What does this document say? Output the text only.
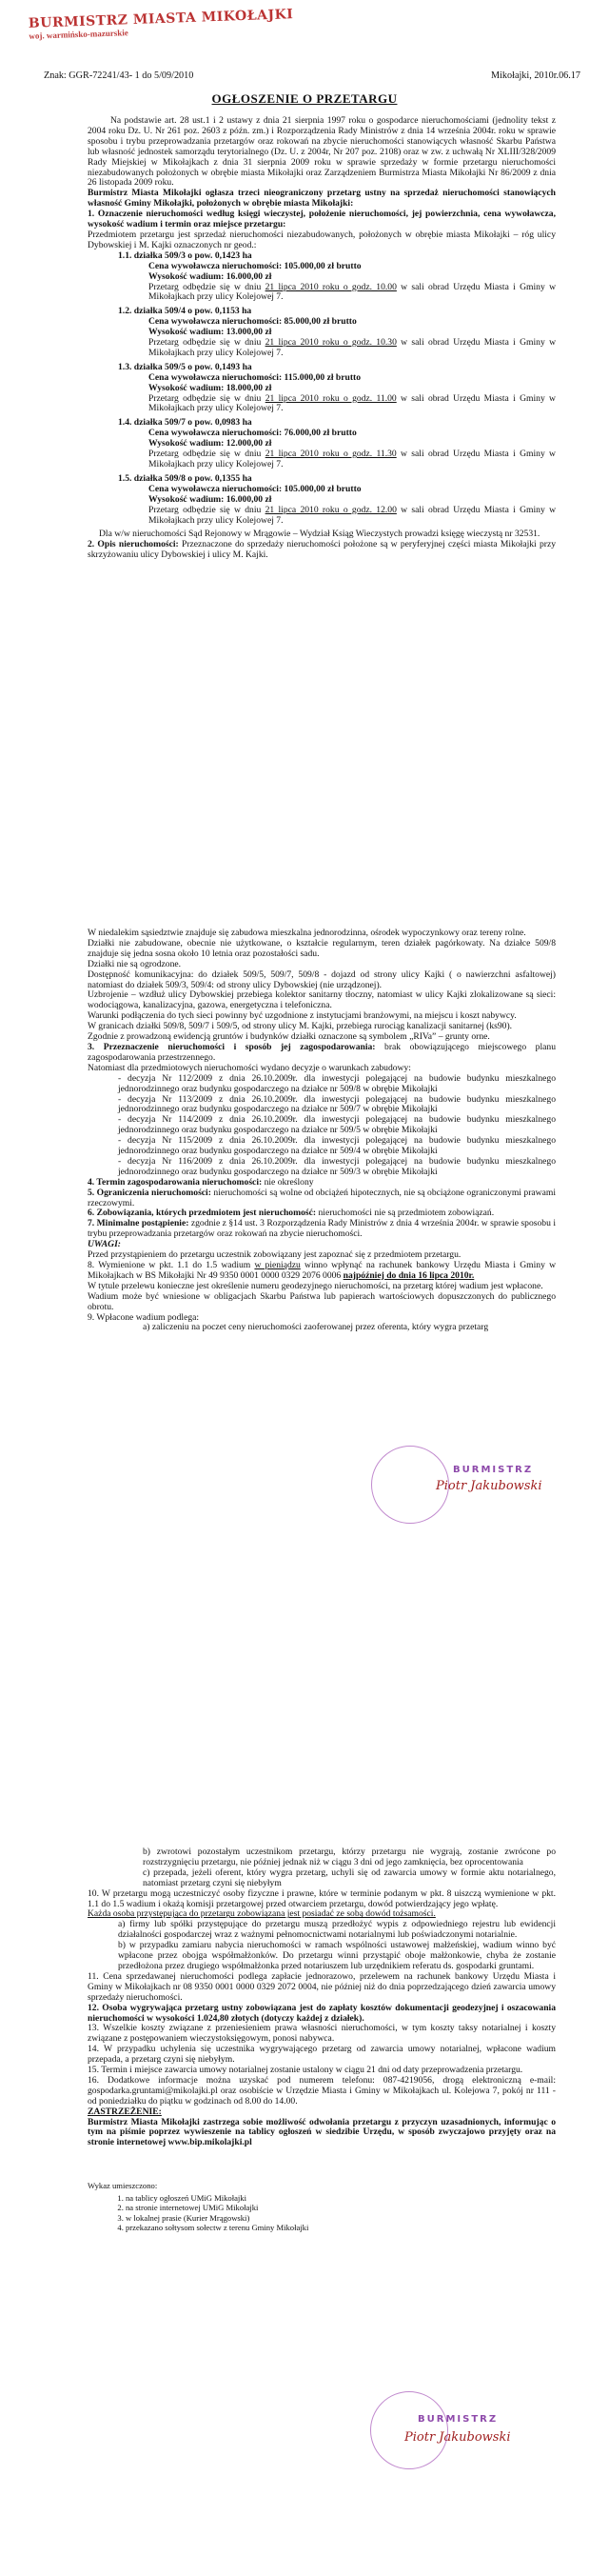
BURMISTRZ MIASTA MIKOŁAJKI
woj. warmińsko-mazurskie
Znak: GGR-72241/43- 1 do 5/09/2010	Mikołajki, 2010r.06.17
OGŁOSZENIE O PRZETARGU

Na podstawie art. 28 ust.1 i 2 ustawy z dnia 21 sierpnia 1997 roku o gospodarce nieruchomościami (jednolity tekst z 2004 roku Dz. U. Nr 261 poz. 2603 z późn. zm.) i Rozporządzenia Rady Ministrów z dnia 14 września 2004r. roku w sprawie sposobu i trybu przeprowadzania przetargów oraz rokowań na zbycie nieruchomości stanowiących własność Skarbu Państwa lub własność jednostek samorządu terytorialnego (Dz. U. z 2004r, Nr 207 poz. 2108) oraz w zw. z uchwałą Nr XLIII/328/2009 Rady Miejskiej w Mikołajkach z dnia 31 sierpnia 2009 roku w sprawie sprzedaży w formie przetargu nieruchomości niezabudowanych położonych w obrębie miasta Mikołajki oraz Zarządzeniem Burmistrza Miasta Mikołajki Nr 86/2009 z dnia 26 listopada 2009 roku.

Burmistrz Miasta Mikołajki ogłasza trzeci nieograniczony przetarg ustny na sprzedaż nieruchomości stanowiących własność Gminy Mikołajki, położonych w obrębie miasta Mikołajki:

1. Oznaczenie nieruchomości według księgi wieczystej, położenie nieruchomości, jej powierzchnia, cena wywoławcza, wysokość wadium i termin oraz miejsce przetargu:

Przedmiotem przetargu jest sprzedaż nieruchomości niezabudowanych, położonych w obrębie miasta Mikołajki – róg ulicy Dybowskiej i M. Kajki oznaczonych nr geod.:

1.1. działka 509/3 o pow. 0,1423 ha

Cena wywoławcza nieruchomości: 105.000,00 zł brutto

Wysokość wadium: 16.000,00 zł

Przetarg odbędzie się w dniu 21 lipca 2010 roku o godz. 10.00 w sali obrad Urzędu Miasta i Gminy w Mikołajkach przy ulicy Kolejowej 7.

1.2. działka 509/4 o pow. 0,1153 ha

Cena wywoławcza nieruchomości: 85.000,00 zł brutto

Wysokość wadium: 13.000,00 zł

Przetarg odbędzie się w dniu 21 lipca 2010 roku o godz. 10.30 w sali obrad Urzędu Miasta i Gminy w Mikołajkach przy ulicy Kolejowej 7.

1.3. działka 509/5 o pow. 0,1493 ha

Cena wywoławcza nieruchomości: 115.000,00 zł brutto

Wysokość wadium: 18.000,00 zł

Przetarg odbędzie się w dniu 21 lipca 2010 roku o godz. 11.00 w sali obrad Urzędu Miasta i Gminy w Mikołajkach przy ulicy Kolejowej 7.

1.4. działka 509/7 o pow. 0,0983 ha

Cena wywoławcza nieruchomości: 76.000,00 zł brutto

Wysokość wadium: 12.000,00 zł

Przetarg odbędzie się w dniu 21 lipca 2010 roku o godz. 11.30 w sali obrad Urzędu Miasta i Gminy w Mikołajkach przy ulicy Kolejowej 7.

1.5. działka 509/8 o pow. 0,1355 ha

Cena wywoławcza nieruchomości: 105.000,00 zł brutto

Wysokość wadium: 16.000,00 zł

Przetarg odbędzie się w dniu 21 lipca 2010 roku o godz. 12.00 w sali obrad Urzędu Miasta i Gminy w Mikołajkach przy ulicy Kolejowej 7.

Dla w/w nieruchomości Sąd Rejonowy w Mrągowie – Wydział Ksiąg Wieczystych prowadzi księgę wieczystą nr 32531.

2. Opis nieruchomości: Przeznaczone do sprzedaży nieruchomości położone są w peryferyjnej części miasta Mikołajki przy skrzyżowaniu ulicy Dybowskiej i ulicy M. Kajki.

W niedalekim sąsiedztwie znajduje się zabudowa mieszkalna jednorodzinna, ośrodek wypoczynkowy oraz tereny rolne.

Działki nie zabudowane, obecnie nie użytkowane, o kształcie regularnym, teren działek pagórkowaty. Na działce 509/8 znajduje się jedna sosna około 10 letnia oraz pozostałości sadu.

Działki nie są ogrodzone.

Dostępność komunikacyjna: do działek 509/5, 509/7, 509/8 - dojazd od strony ulicy Kajki ( o nawierzchni asfaltowej) natomiast do działek 509/3, 509/4: od strony ulicy Dybowskiej (nie urządzonej).

Uzbrojenie – wzdłuż ulicy Dybowskiej przebiega kolektor sanitarny tłoczny, natomiast w ulicy Kajki zlokalizowane są sieci: wodociągowa, kanalizacyjna, gazowa, energetyczna i telefoniczna.

Warunki podłączenia do tych sieci powinny być uzgodnione z instytucjami branżowymi, na miejscu i koszt nabywcy.

W granicach działki 509/8, 509/7 i 509/5, od strony ulicy M. Kajki, przebiega rurociąg kanalizacji sanitarnej (ks90).

Zgodnie z prowadzoną ewidencją gruntów i budynków działki oznaczone są symbolem „RIVa” – grunty orne.

3. Przeznaczenie nieruchomości i sposób jej zagospodarowania: brak obowiązującego miejscowego planu zagospodarowania przestrzennego.

Natomiast dla przedmiotowych nieruchomości wydano decyzje o warunkach zabudowy:

- decyzja Nr 112/2009 z dnia 26.10.2009r. dla inwestycji polegającej na budowie budynku mieszkalnego jednorodzinnego oraz budynku gospodarczego na działce nr 509/8 w obrębie Mikołajki

- decyzja Nr 113/2009 z dnia 26.10.2009r. dla inwestycji polegającej na budowie budynku mieszkalnego jednorodzinnego oraz budynku gospodarczego na działce nr 509/7 w obrębie Mikołajki

- decyzja Nr 114/2009 z dnia 26.10.2009r. dla inwestycji polegającej na budowie budynku mieszkalnego jednorodzinnego oraz budynku gospodarczego na działce nr 509/5 w obrębie Mikołajki

- decyzja Nr 115/2009 z dnia 26.10.2009r. dla inwestycji polegającej na budowie budynku mieszkalnego jednorodzinnego oraz budynku gospodarczego na działce nr 509/4 w obrębie Mikołajki

- decyzja Nr 116/2009 z dnia 26.10.2009r. dla inwestycji polegającej na budowie budynku mieszkalnego jednorodzinnego oraz budynku gospodarczego na działce nr 509/3 w obrębie Mikołajki

4. Termin zagospodarowania nieruchomości: nie określony

5. Ograniczenia nieruchomości: nieruchomości są wolne od obciążeń hipotecznych, nie są obciążone ograniczonymi prawami rzeczowymi.

6. Zobowiązania, których przedmiotem jest nieruchomość: nieruchomości nie są przedmiotem zobowiązań.

7. Minimalne postąpienie: zgodnie z §14 ust. 3 Rozporządzenia Rady Ministrów z dnia 4 września 2004r. w sprawie sposobu i trybu przeprowadzania przetargów oraz rokowań na zbycie nieruchomości.

UWAGI:

Przed przystąpieniem do przetargu uczestnik zobowiązany jest zapoznać się z przedmiotem przetargu.

8. Wymienione w pkt. 1.1 do 1.5 wadium w pieniądzu winno wpłynąć na rachunek bankowy Urzędu Miasta i Gminy w Mikołajkach w BS Mikołajki Nr 49 9350 0001 0000 0329 2076 0006 najpóźniej do dnia 16 lipca 2010r.

W tytule przelewu konieczne jest określenie numeru geodezyjnego nieruchomości, na przetarg której wadium jest wpłacone.

Wadium może być wniesione w obligacjach Skarbu Państwa lub papierach wartościowych dopuszczonych do publicznego obrotu.

9. Wpłacone wadium podlega:

a) zaliczeniu na poczet ceny nieruchomości zaoferowanej przez oferenta, który wygra przetarg

BURMISTRZ
Piotr Jakubowski

b) zwrotowi pozostałym uczestnikom przetargu, którzy przetargu nie wygrają, zostanie zwrócone po rozstrzygnięciu przetargu, nie później jednak niż w ciągu 3 dni od jego zamknięcia, bez oprocentowania

c) przepada, jeżeli oferent, który wygra przetarg, uchyli się od zawarcia umowy w formie aktu notarialnego, natomiast przetarg czyni się niebyłym

10. W przetargu mogą uczestniczyć osoby fizyczne i prawne, które w terminie podanym w pkt. 8 uiszczą wymienione w pkt. 1.1 do 1.5 wadium i okażą komisji przetargowej przed otwarciem przetargu, dowód potwierdzający jego wpłatę.

Każda osoba przystępująca do przetargu zobowiązana jest posiadać ze sobą dowód tożsamości.

a) firmy lub spółki przystępujące do przetargu muszą przedłożyć wypis z odpowiedniego rejestru lub ewidencji działalności gospodarczej wraz z ważnymi pełnomocnictwami notarialnymi lub poświadczonymi notarialnie.

b) w przypadku zamiaru nabycia nieruchomości w ramach wspólności ustawowej małżeńskiej, wadium winno być wpłacone przez obojga współmałżonków. Do przetargu winni przystąpić oboje małżonkowie, chyba że zostanie przedłożona przez drugiego współmałżonka przed notariuszem lub urzędnikiem referatu ds. gospodarki gruntami.

11. Cena sprzedawanej nieruchomości podlega zapłacie jednorazowo, przelewem na rachunek bankowy Urzędu Miasta i Gminy w Mikołajkach nr 08 9350 0001 0000 0329 2072 0004, nie później niż do dnia poprzedzającego dzień zawarcia umowy sprzedaży nieruchomości.

12. Osoba wygrywająca przetarg ustny zobowiązana jest do zapłaty kosztów dokumentacji geodezyjnej i oszacowania nieruchomości w wysokości 1.024,80 złotych (dotyczy każdej z działek).

13. Wszelkie koszty związane z przeniesieniem prawa własności nieruchomości, w tym koszty taksy notarialnej i koszty związane z postępowaniem wieczystoksięgowym, ponosi nabywca.

14. W przypadku uchylenia się uczestnika wygrywającego przetarg od zawarcia umowy notarialnej, wpłacone wadium przepada, a przetarg czyni się niebyłym.

15. Termin i miejsce zawarcia umowy notarialnej zostanie ustalony w ciągu 21 dni od daty przeprowadzenia przetargu.

16. Dodatkowe informacje można uzyskać pod numerem telefonu: 087-4219056, drogą elektroniczną e-mail: gospodarka.gruntami@mikolajki.pl oraz osobiście w Urzędzie Miasta i Gminy w Mikołajkach ul. Kolejowa 7, pokój nr 111 - od poniedziałku do piątku w godzinach od 8.00 do 14.00.

ZASTRZEŻENIE:

Burmistrz Miasta Mikołajki zastrzega sobie możliwość odwołania przetargu z przyczyn uzasadnionych, informując o tym na piśmie poprzez wywieszenie na tablicy ogłoszeń w siedzibie Urzędu, w sposób zwyczajowo przyjęty oraz na stronie internetowej www.bip.mikolajki.pl

Wykaz umieszczono:

1. na tablicy ogłoszeń UMiG Mikołajki
2. na stronie internetowej UMiG Mikołajki
3. w lokalnej prasie (Kurier Mrągowski)
4. przekazano sołtysom sołectw z terenu Gminy Mikołajki
BURMISTRZ
Piotr Jakubowski
